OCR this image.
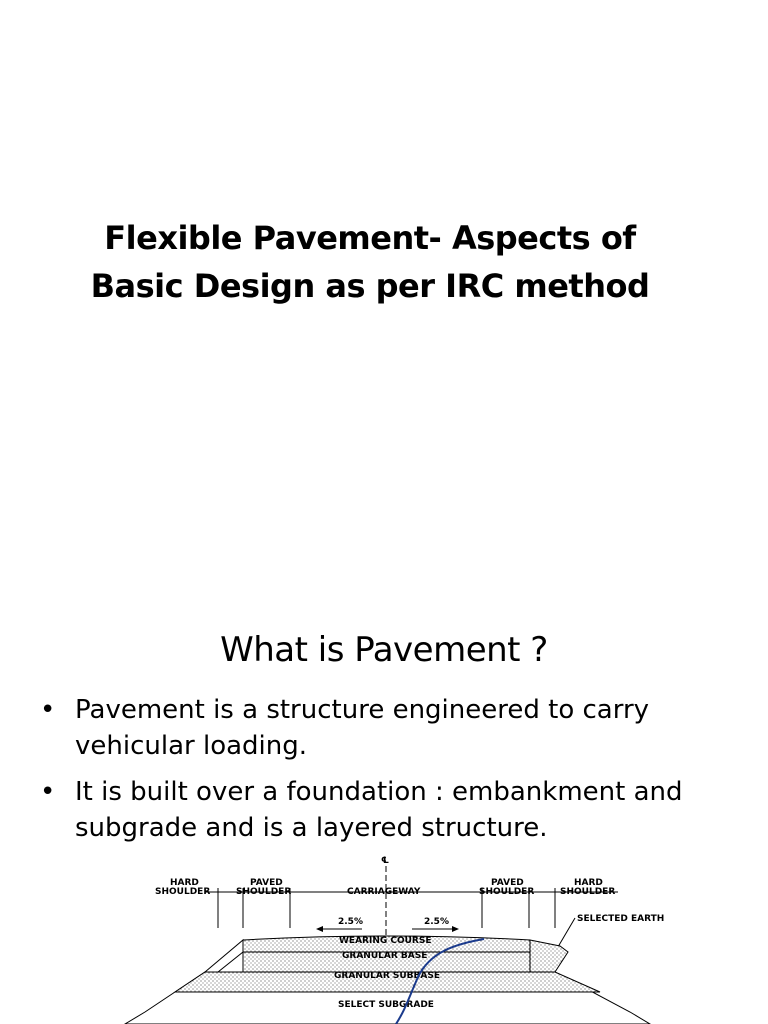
Flexible Pavement- Aspects of
Basic Design as per IRC method
What is Pavement ?
• Pavement is a structure engineered to carry vehicular loading.
• It is built over a foundation : embankment and subgrade and is a layered structure.
℄
HARD
SHOULDER
PAVED
SHOULDER	CARRIAGEWAY
PAVED
SHOULDER
HARD
SHOULDER
2.5%	2.5%	SELECTED EARTH
WEARING COURSE
GRANULAR BASE
GRANULAR SUBBASE
SELECT SUBGRADE
